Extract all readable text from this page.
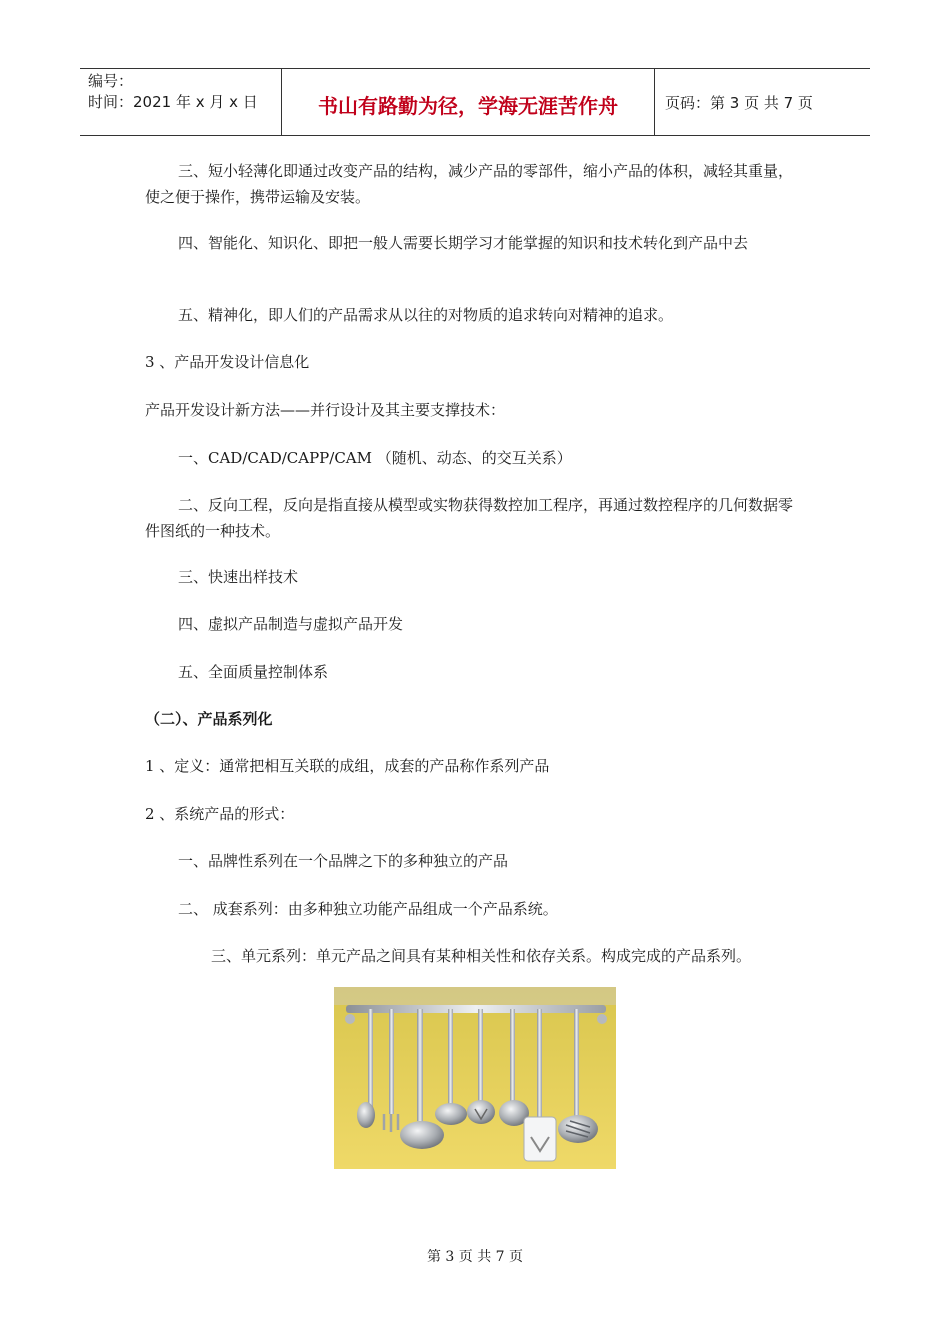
编号：
时间：2021 年 x 月 x 日	书山有路勤为径，学海无涯苦作舟	页码：第 3 页 共 7 页

三、短小轻薄化即通过改变产品的结构，减少产品的零部件，缩小产品的体积，减轻其重量，使之便于操作，携带运输及安装。

四、智能化、知识化、即把一般人需要长期学习才能掌握的知识和技术转化到产品中去

五、精神化，即人们的产品需求从以往的对物质的追求转向对精神的追求。

3 、产品开发设计信息化

产品开发设计新方法——并行设计及其主要支撑技术：

一、CAD/CAD/CAPP/CAM （随机、动态、的交互关系）

二、反向工程，反向是指直接从模型或实物获得数控加工程序，再通过数控程序的几何数据零件图纸的一种技术。

三、快速出样技术

四、虚拟产品制造与虚拟产品开发

五、全面质量控制体系

（二）、产品系列化

1 、定义：通常把相互关联的成组，成套的产品称作系列产品

2 、系统产品的形式：

一、品牌性系列在一个品牌之下的多种独立的产品

二、 成套系列：由多种独立功能产品组成一个产品系统。

三、单元系列：单元产品之间具有某种相关性和依存关系。构成完成的产品系列。

第 3 页 共 7 页
